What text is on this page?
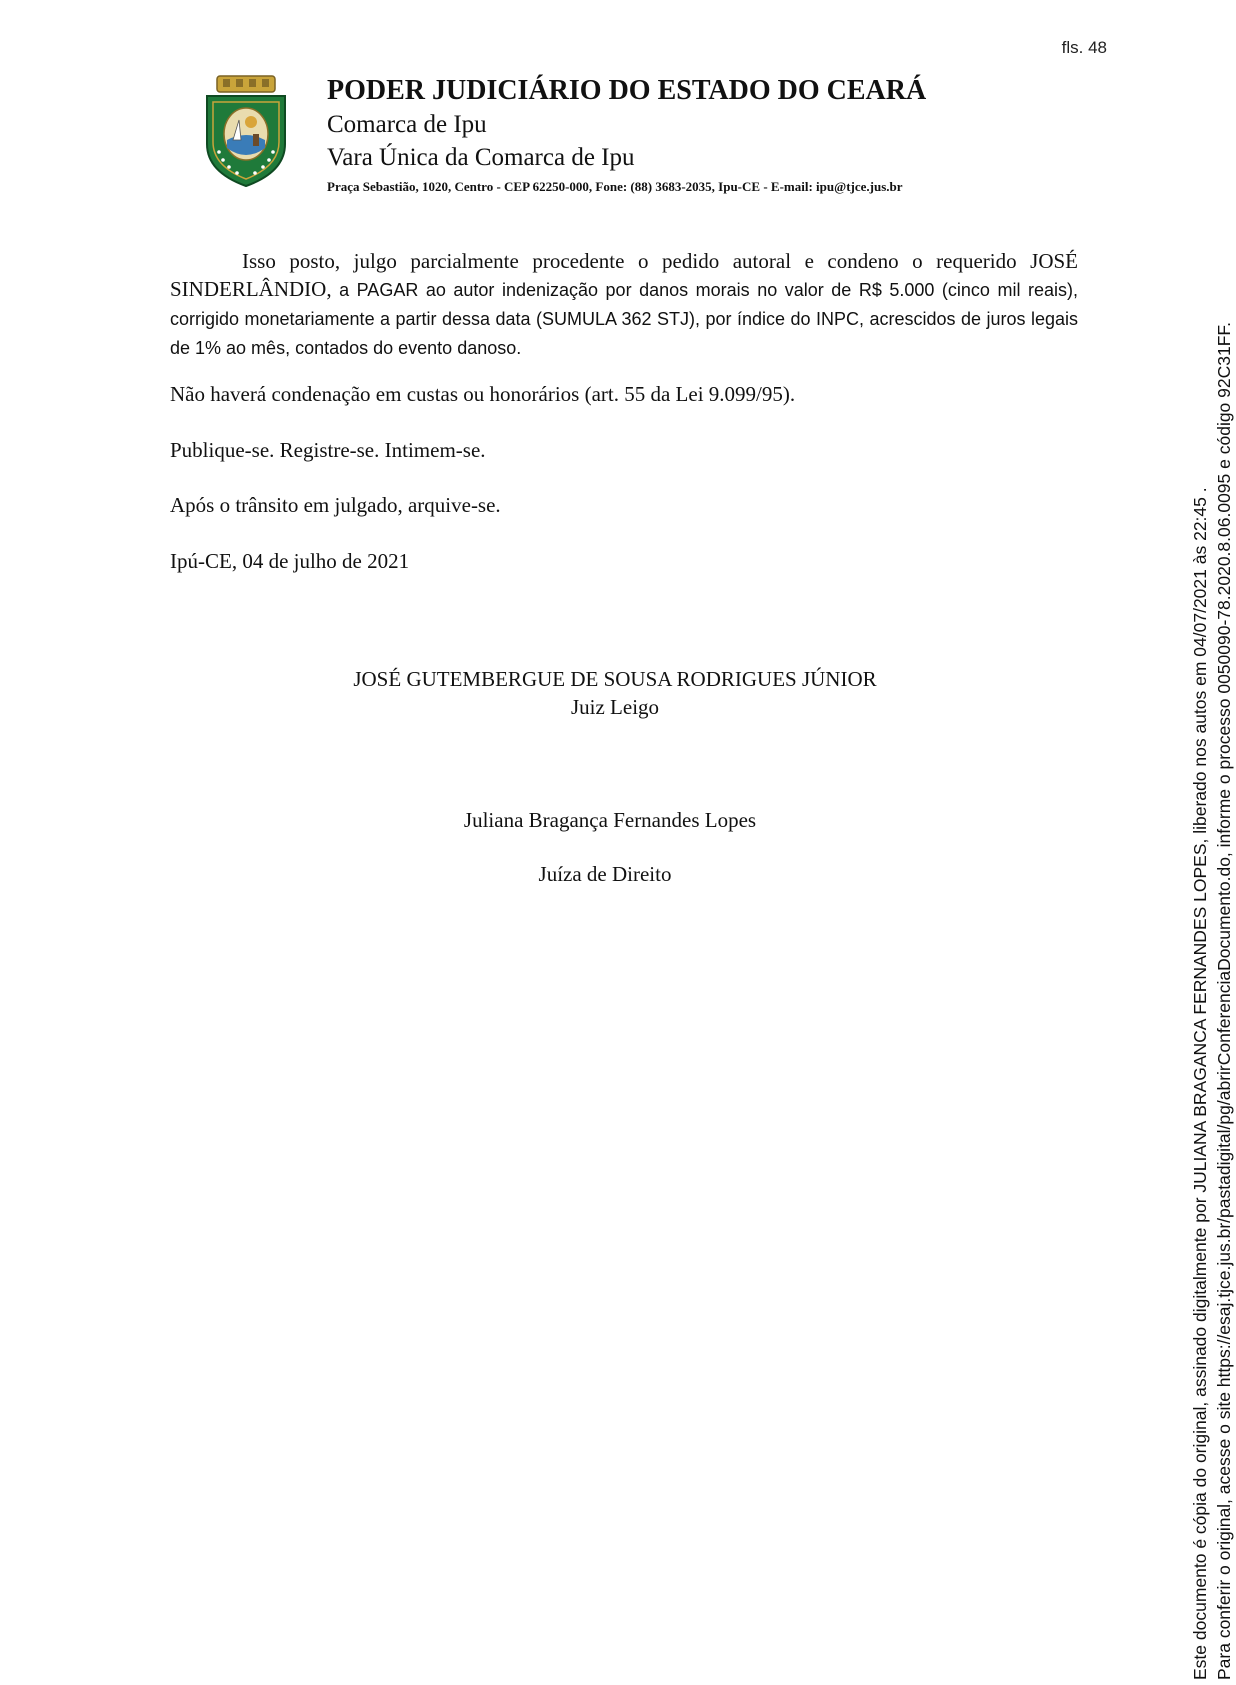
fls. 48
PODER JUDICIÁRIO DO ESTADO DO CEARÁ
Comarca de Ipu
Vara Única da Comarca de Ipu
Praça Sebastião, 1020, Centro - CEP 62250-000, Fone: (88) 3683-2035, Ipu-CE - E-mail: ipu@tjce.jus.br

Isso posto, julgo parcialmente procedente o pedido autoral e condeno o requerido JOSÉ SINDERLÂNDIO, a PAGAR ao autor indenização por danos morais no valor de R$ 5.000 (cinco mil reais), corrigido monetariamente a partir dessa data (SUMULA 362 STJ), por índice do INPC, acrescidos de juros legais de 1% ao mês, contados do evento danoso.

Não haverá condenação em custas ou honorários (art. 55 da Lei 9.099/95).
Publique-se. Registre-se. Intimem-se.
Após o trânsito em julgado, arquive-se.
Ipú-CE, 04 de julho de 2021
JOSÉ GUTEMBERGUE DE SOUSA RODRIGUES JÚNIOR
Juiz Leigo
Juliana Bragança Fernandes Lopes
Juíza de Direito	Este documento é cópia do original, assinado digitalmente por JULIANA BRAGANCA FERNANDES LOPES, liberado nos autos em 04/07/2021 às 22:45 . Para conferir o original, acesse o site https://esaj.tjce.jus.br/pastadigital/pg/abrirConferenciaDocumento.do, informe o processo 0050090-78.2020.8.06.0095 e código 92C31FF.
